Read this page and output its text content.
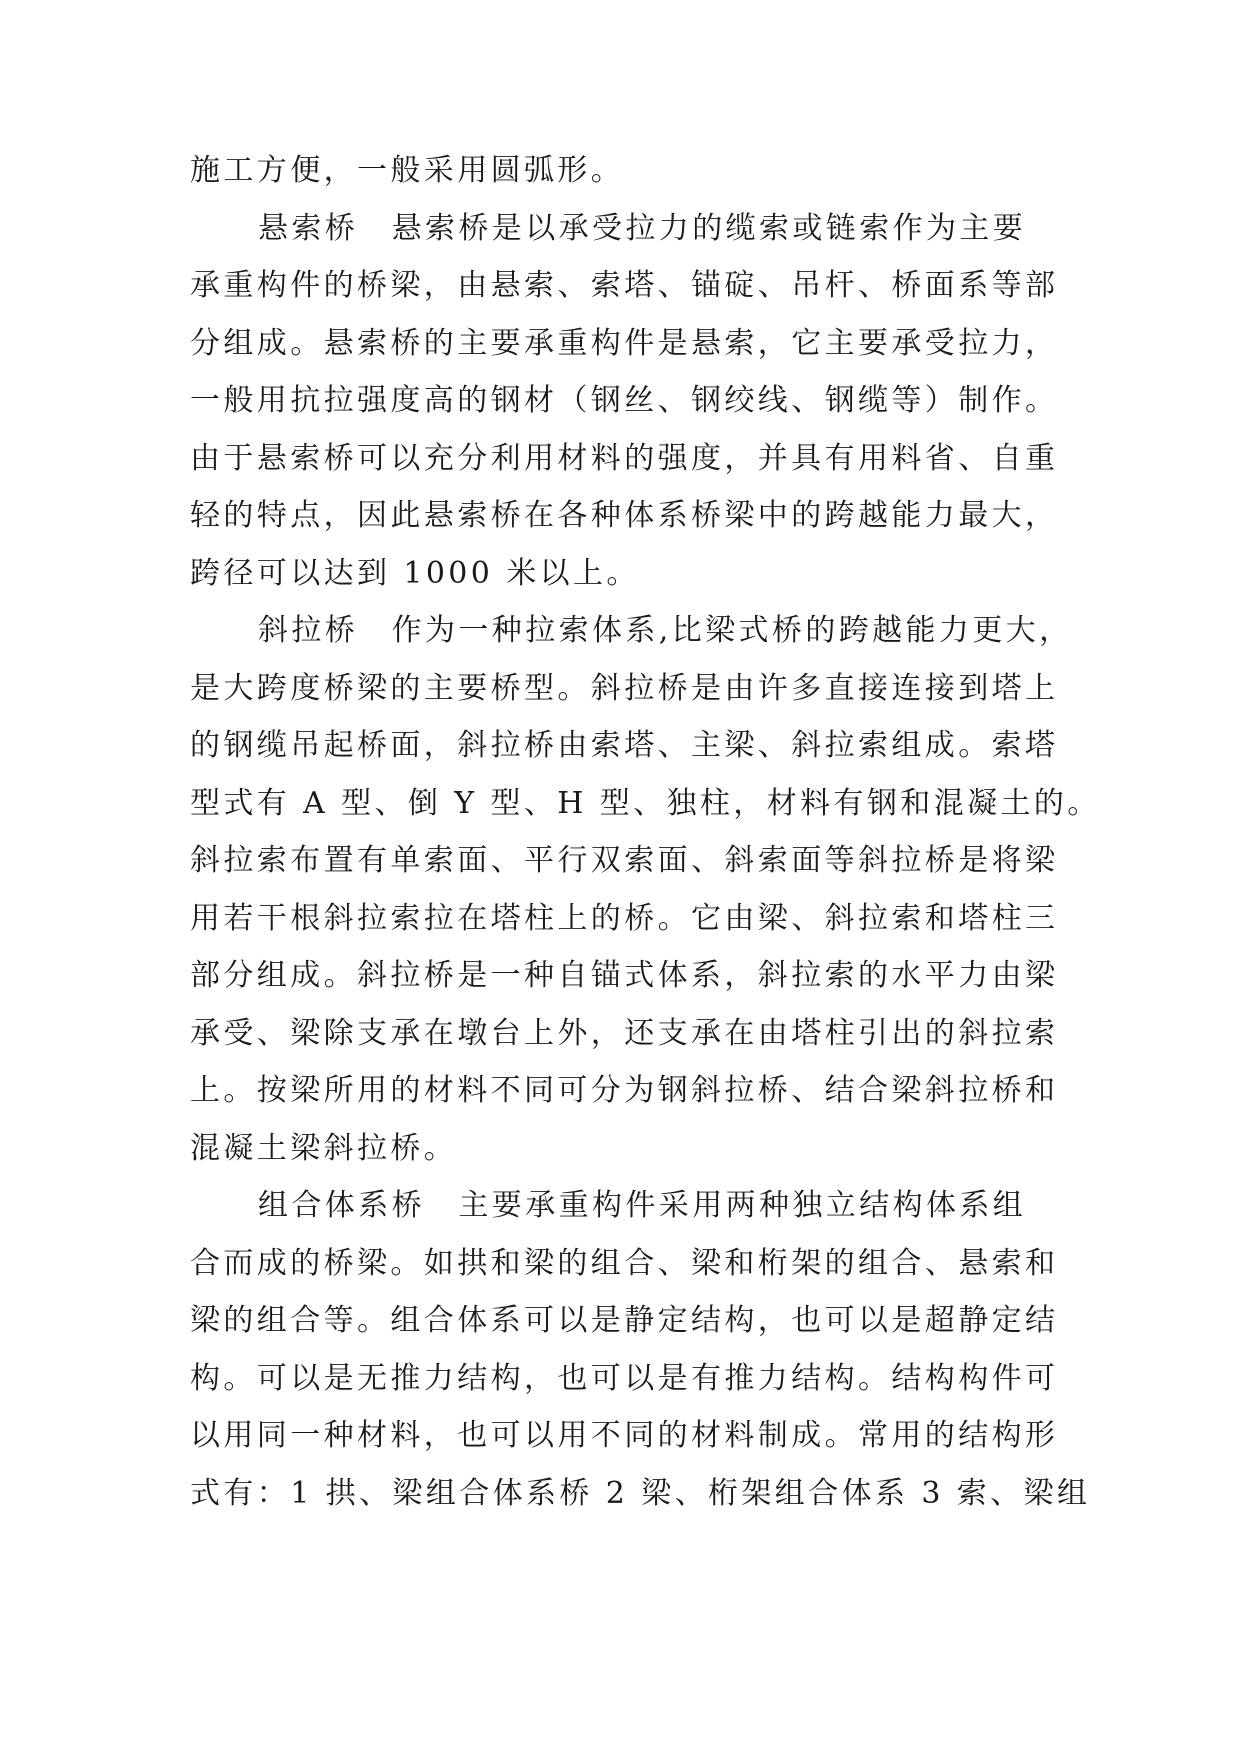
施工方便，一般采用圆弧形。
悬索桥　悬索桥是以承受拉力的缆索或链索作为主要
承重构件的桥梁，由悬索、索塔、锚碇、吊杆、桥面系等部
分组成。悬索桥的主要承重构件是悬索，它主要承受拉力，
一般用抗拉强度高的钢材（钢丝、钢绞线、钢缆等）制作。
由于悬索桥可以充分利用材料的强度，并具有用料省、自重
轻的特点，因此悬索桥在各种体系桥梁中的跨越能力最大，
跨径可以达到 1000 米以上。
斜拉桥　作为一种拉索体系,比梁式桥的跨越能力更大，
是大跨度桥梁的主要桥型。斜拉桥是由许多直接连接到塔上
的钢缆吊起桥面，斜拉桥由索塔、主梁、斜拉索组成。索塔
型式有 A 型、倒 Y 型、H 型、独柱，材料有钢和混凝土的。
斜拉索布置有单索面、平行双索面、斜索面等斜拉桥是将梁
用若干根斜拉索拉在塔柱上的桥。它由梁、斜拉索和塔柱三
部分组成。斜拉桥是一种自锚式体系，斜拉索的水平力由梁
承受、梁除支承在墩台上外，还支承在由塔柱引出的斜拉索
上。按梁所用的材料不同可分为钢斜拉桥、结合梁斜拉桥和
混凝土梁斜拉桥。
组合体系桥　主要承重构件采用两种独立结构体系组
合而成的桥梁。如拱和梁的组合、梁和桁架的组合、悬索和
梁的组合等。组合体系可以是静定结构，也可以是超静定结
构。可以是无推力结构，也可以是有推力结构。结构构件可
以用同一种材料，也可以用不同的材料制成。常用的结构形
式有：1 拱、梁组合体系桥 2 梁、桁架组合体系 3 索、梁组
